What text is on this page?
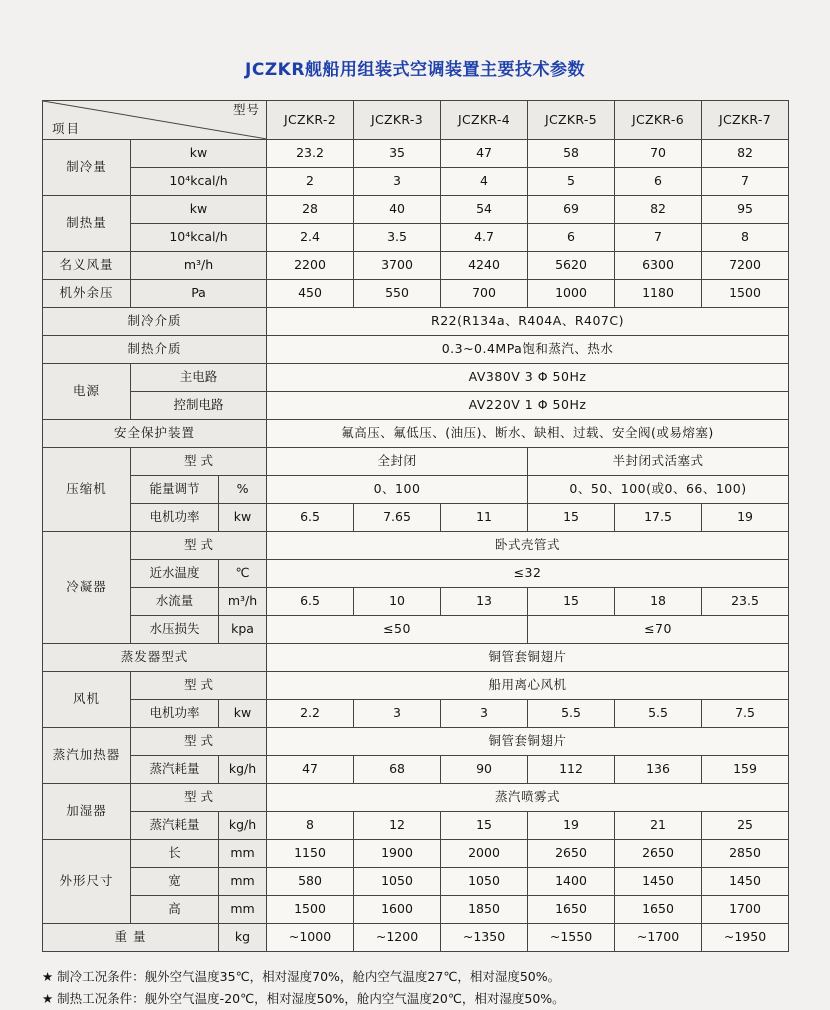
JCZKR舰船用组装式空调装置主要技术参数
项目
型号			JCZKR-2	JCZKR-3	JCZKR-4	JCZKR-5	JCZKR-6	JCZKR-7
制冷量	kw		23.2	35	47	58	70	82
	10⁴kcal/h		2	3	4	5	6	7
制热量	kw		28	40	54	69	82	95
	10⁴kcal/h		2.4	3.5	4.7	6	7	8
名义风量	m³/h		2200	3700	4240	5620	6300	7200
机外余压	Pa		450	550	700	1000	1180	1500
制冷介质			R22(R134a、R404A、R407C)					
制热介质			0.3~0.4MPa饱和蒸汽、热水					
电源	主电路		AV380V 3 Φ 50Hz					
	控制电路		AV220V 1 Φ 50Hz					
安全保护装置			氟高压、氟低压、(油压)、断水、缺相、过载、安全阀(或易熔塞)					
压缩机	型 式		全封闭			半封闭式活塞式		
	能量调节	%	0、100			0、50、100(或0、66、100)		
	电机功率	kw	6.5	7.65	11	15	17.5	19
冷凝器	型 式		卧式壳管式					
	近水温度	℃	≤32					
	水流量	m³/h	6.5	10	13	15	18	23.5
	水压损失	kpa	≤50			≤70		
蒸发器型式			铜管套铜翅片					
风机	型 式		船用离心风机					
	电机功率	kw	2.2	3	3	5.5	5.5	7.5
蒸汽加热器	型 式		铜管套铜翅片					
	蒸汽耗量	kg/h	47	68	90	112	136	159
加湿器	型 式		蒸汽喷雾式					
	蒸汽耗量	kg/h	8	12	15	19	21	25
外形尺寸	长	mm	1150	1900	2000	2650	2650	2850
	宽	mm	580	1050	1050	1400	1450	1450
	高	mm	1500	1600	1850	1650	1650	1700
重 量		kg	~1000	~1200	~1350	~1550	~1700	~1950
★ 制冷工况条件：舰外空气温度35℃，相对湿度70%，舱内空气温度27℃，相对湿度50%。
★ 制热工况条件：舰外空气温度-20℃，相对湿度50%，舱内空气温度20℃，相对湿度50%。
